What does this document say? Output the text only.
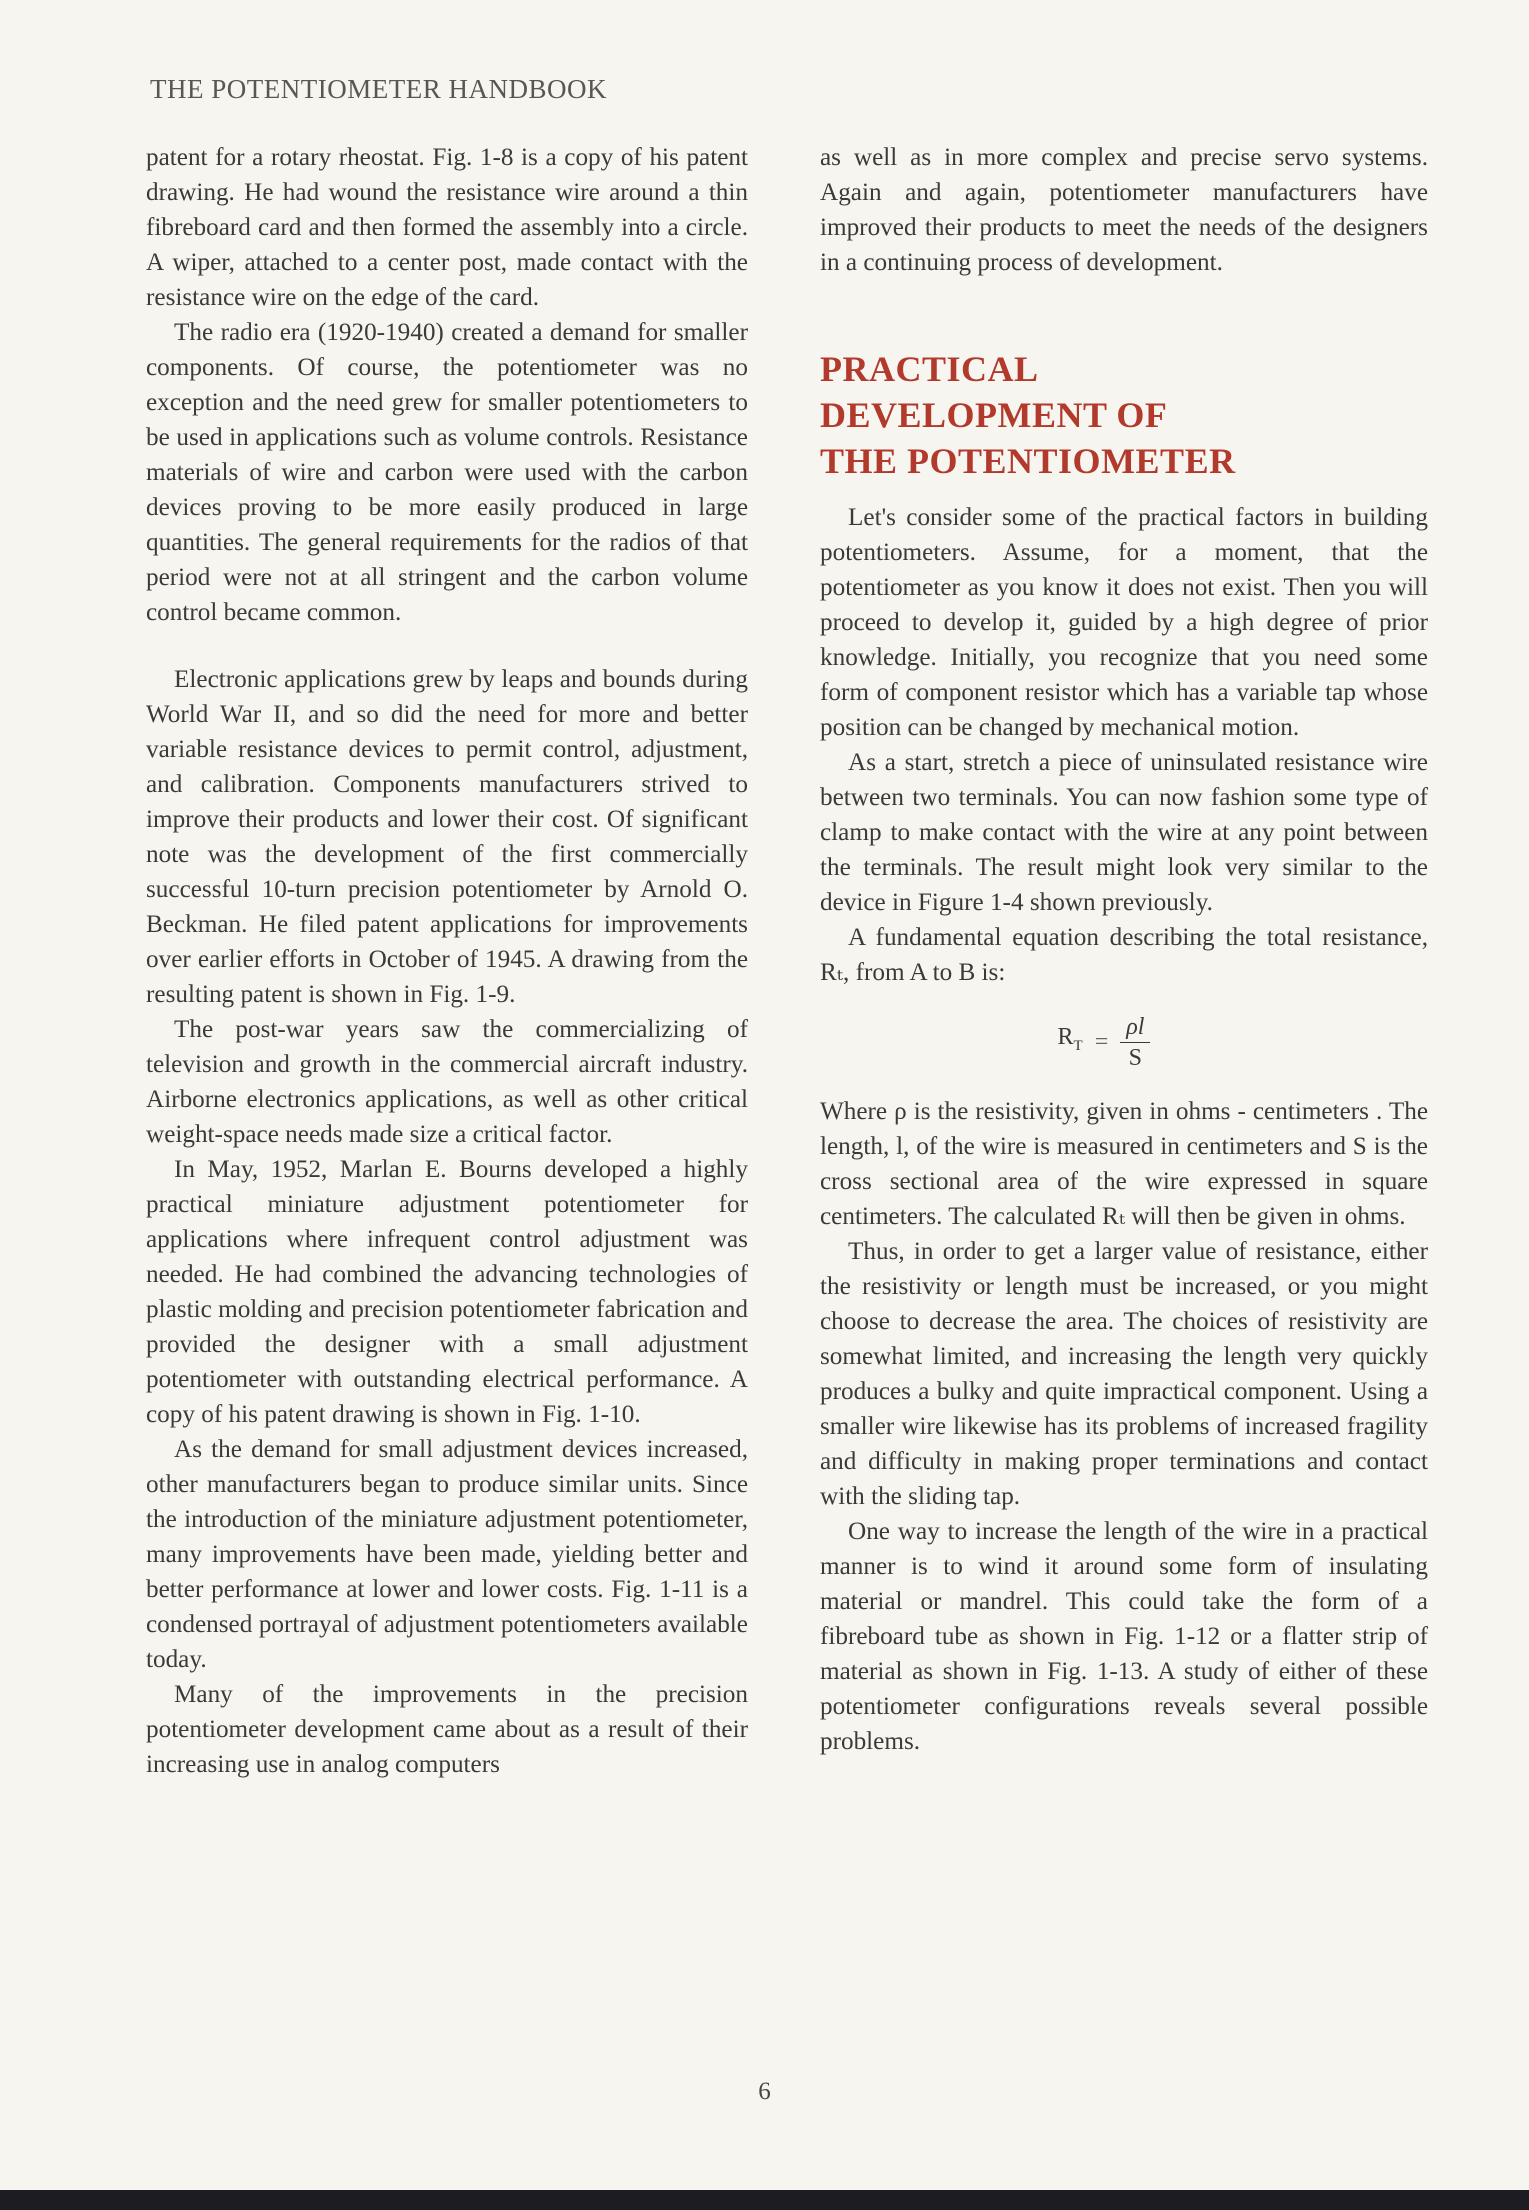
THE POTENTIOMETER HANDBOOK

patent for a rotary rheostat. Fig. 1-8 is a copy of his patent drawing. He had wound the resistance wire around a thin fibreboard card and then formed the assembly into a circle. A wiper, attached to a center post, made contact with the resistance wire on the edge of the card.

The radio era (1920-1940) created a demand for smaller components. Of course, the potentiometer was no exception and the need grew for smaller potentiometers to be used in applications such as volume controls. Resistance materials of wire and carbon were used with the carbon devices proving to be more easily produced in large quantities. The general requirements for the radios of that period were not at all stringent and the carbon volume control became common.

Electronic applications grew by leaps and bounds during World War II, and so did the need for more and better variable resistance devices to permit control, adjustment, and calibration. Components manufacturers strived to improve their products and lower their cost. Of significant note was the development of the first commercially successful 10-turn precision potentiometer by Arnold O. Beckman. He filed patent applications for improvements over earlier efforts in October of 1945. A drawing from the resulting patent is shown in Fig. 1-9.

The post-war years saw the commercializing of television and growth in the commercial aircraft industry. Airborne electronics applications, as well as other critical weight-space needs made size a critical factor.

In May, 1952, Marlan E. Bourns developed a highly practical miniature adjustment potentiometer for applications where infrequent control adjustment was needed. He had combined the advancing technologies of plastic molding and precision potentiometer fabrication and provided the designer with a small adjustment potentiometer with outstanding electrical performance. A copy of his patent drawing is shown in Fig. 1-10.

As the demand for small adjustment devices increased, other manufacturers began to produce similar units. Since the introduction of the miniature adjustment potentiometer, many improvements have been made, yielding better and better performance at lower and lower costs. Fig. 1-11 is a condensed portrayal of adjustment potentiometers available today.

Many of the improvements in the precision potentiometer development came about as a result of their increasing use in analog computers

as well as in more complex and precise servo systems. Again and again, potentiometer manufacturers have improved their products to meet the needs of the designers in a continuing process of development.

PRACTICAL
DEVELOPMENT OF
THE POTENTIOMETER

Let's consider some of the practical factors in building potentiometers. Assume, for a moment, that the potentiometer as you know it does not exist. Then you will proceed to develop it, guided by a high degree of prior knowledge. Initially, you recognize that you need some form of component resistor which has a variable tap whose position can be changed by mechanical motion.

As a start, stretch a piece of uninsulated resistance wire between two terminals. You can now fashion some type of clamp to make contact with the wire at any point between the terminals. The result might look very similar to the device in Figure 1-4 shown previously.

A fundamental equation describing the total resistance, Rₜ, from A to B is:

$R_T = \frac{\rho l}{S}$

Where ρ is the resistivity, given in ohms - centimeters . The length, l, of the wire is measured in centimeters and S is the cross sectional area of the wire expressed in square centimeters. The calculated Rₜ will then be given in ohms.

Thus, in order to get a larger value of resistance, either the resistivity or length must be increased, or you might choose to decrease the area. The choices of resistivity are somewhat limited, and increasing the length very quickly produces a bulky and quite impractical component. Using a smaller wire likewise has its problems of increased fragility and difficulty in making proper terminations and contact with the sliding tap.

One way to increase the length of the wire in a practical manner is to wind it around some form of insulating material or mandrel. This could take the form of a fibreboard tube as shown in Fig. 1-12 or a flatter strip of material as shown in Fig. 1-13. A study of either of these potentiometer configurations reveals several possible problems.

6
